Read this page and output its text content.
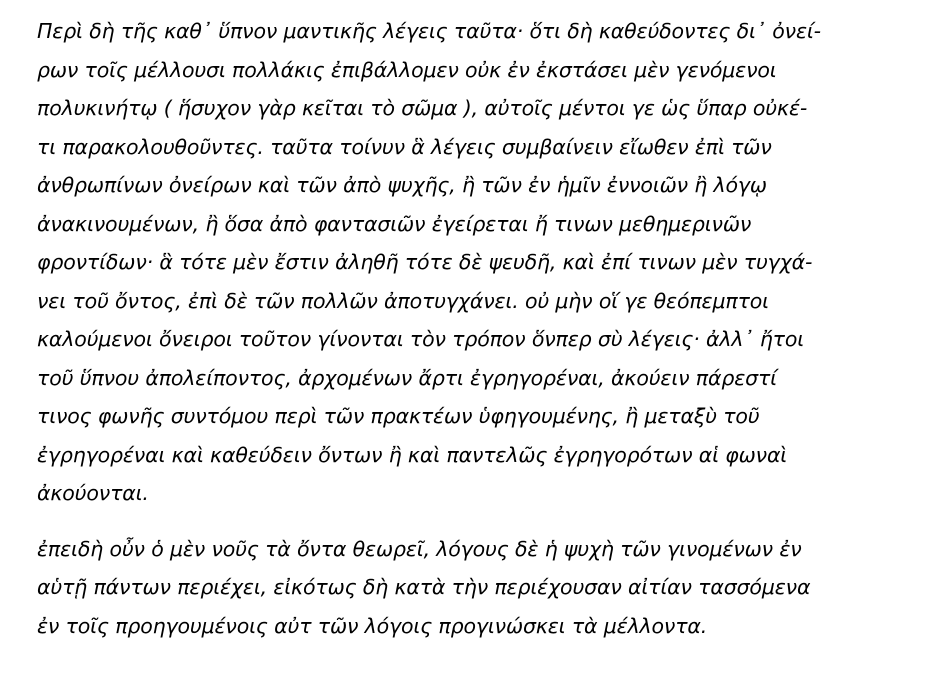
Περὶ δὴ τῆς καθ᾽ ὕπνον μαντικῆς λέγεις ταῦτα· ὅτι δὴ καθεύδοντες δι᾽ ὀνεί-
ρων τοῖς μέλλουσι πολλάκις ἐπιβάλλομεν οὐκ ἐν ἐκστάσει μὲν γενόμενοι
πολυκινήτῳ ( ἥσυχον γὰρ κεῖται τὸ σῶμα ), αὐτοῖς μέντοι γε ὡς ὕπαρ οὐκέ-
τι παρακολουθοῦντες. ταῦτα τοίνυν ἃ λέγεις συμβαίνειν εἴωθεν ἐπὶ τῶν
ἀνθρωπίνων ὀνείρων καὶ τῶν ἀπὸ ψυχῆς, ἢ τῶν ἐν ἡμῖν ἐννοιῶν ἢ λόγῳ
ἀνακινουμένων, ἢ ὅσα ἀπὸ φαντασιῶν ἐγείρεται ἤ τινων μεθημερινῶν
φροντίδων· ἃ τότε μὲν ἔστιν ἀληθῆ τότε δὲ ψευδῆ, καὶ ἐπί τινων μὲν τυγχά-
νει τοῦ ὄντος, ἐπὶ δὲ τῶν πολλῶν ἀποτυγχάνει. οὐ μὴν οἵ γε θεόπεμπτοι
καλούμενοι ὄνειροι τοῦτον γίνονται τὸν τρόπον ὅνπερ σὺ λέγεις· ἀλλ᾽ ἤτοι
τοῦ ὕπνου ἀπολείποντος, ἀρχομένων ἄρτι ἐγρηγορέναι, ἀκούειν πάρεστί
τινος φωνῆς συντόμου περὶ τῶν πρακτέων ὑφηγουμένης, ἢ μεταξὺ τοῦ
ἐγρηγορέναι καὶ καθεύδειν ὄντων ἢ καὶ παντελῶς ἐγρηγορότων αἱ φωναὶ
ἀκούονται.

ἐπειδὴ οὖν ὁ μὲν νοῦς τὰ ὄντα θεωρεῖ, λόγους δὲ ἡ ψυχὴ τῶν γινομένων ἐν
αὑτῇ πάντων περιέχει, εἰκότως δὴ κατὰ τὴν περιέχουσαν αἰτίαν τασσόμενα
ἐν τοῖς προηγουμένοις αὐτ τῶν λόγοις προγινώσκει τὰ μέλλοντα.
